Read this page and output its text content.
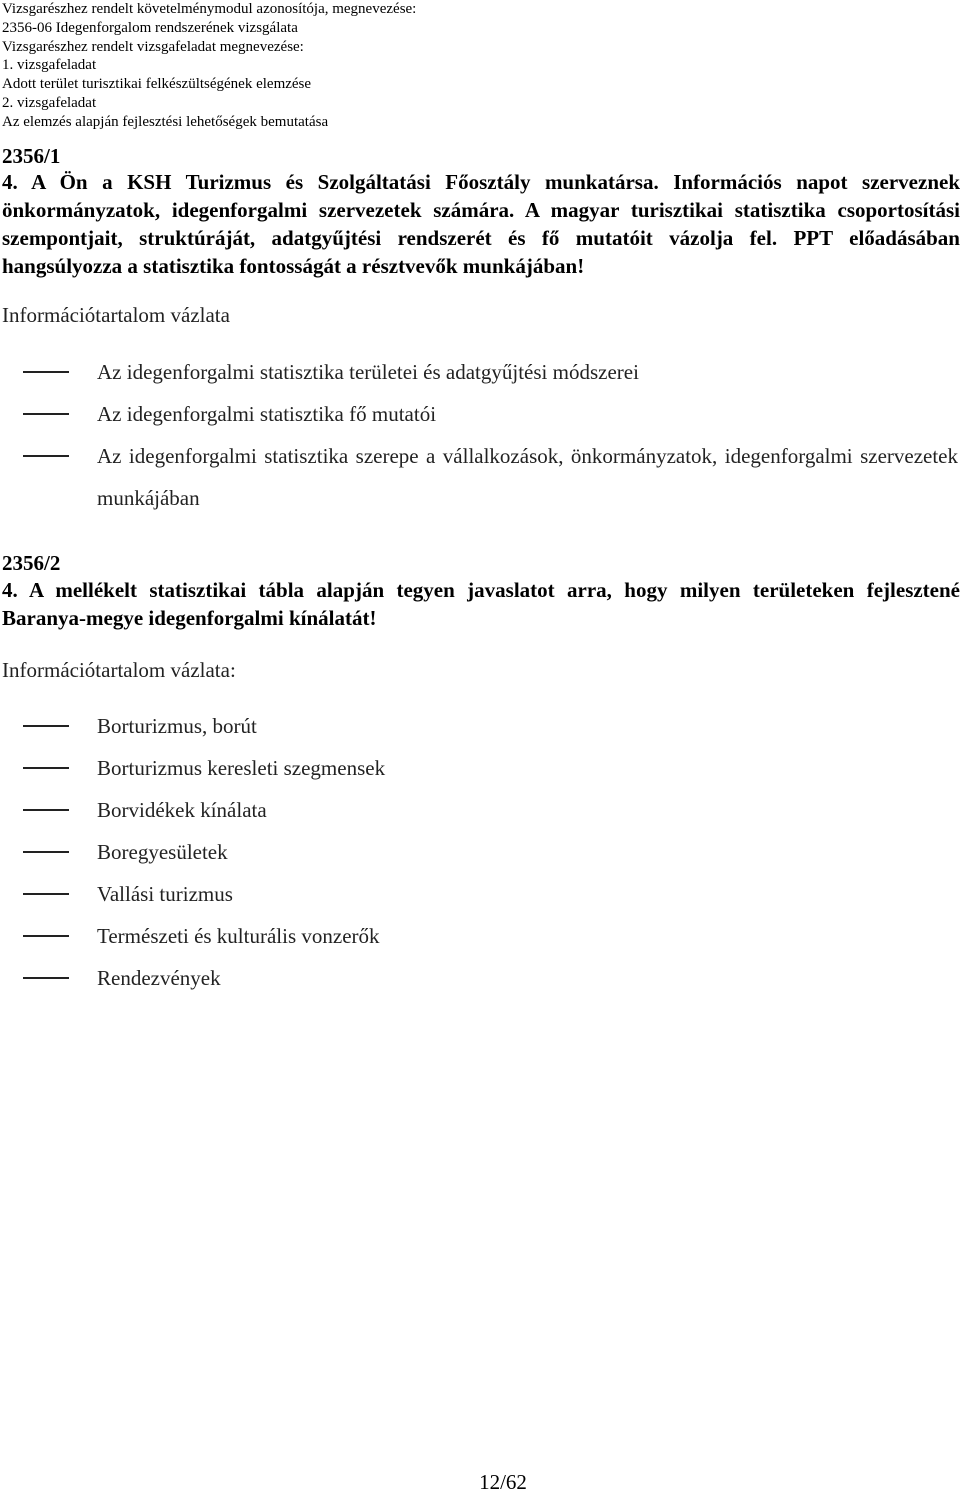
Vizsgarészhez rendelt követelménymodul azonosítója, megnevezése:
2356-06 Idegenforgalom rendszerének vizsgálata
Vizsgarészhez rendelt vizsgafeladat megnevezése:
1. vizsgafeladat
Adott terület turisztikai felkészültségének elemzése
2. vizsgafeladat
Az elemzés alapján fejlesztési lehetőségek bemutatása
2356/1
4. A Ön a KSH Turizmus és Szolgáltatási Főosztály munkatársa. Információs napot szerveznek önkormányzatok, idegenforgalmi szervezetek számára. A magyar turisztikai statisztika csoportosítási szempontjait, struktúráját, adatgyűjtési rendszerét és fő mutatóit vázolja fel. PPT előadásában hangsúlyozza a statisztika fontosságát a résztvevők munkájában!
Információtartalom vázlata
Az idegenforgalmi statisztika területei és adatgyűjtési módszerei
Az idegenforgalmi statisztika fő mutatói
Az idegenforgalmi statisztika szerepe a vállalkozások, önkormányzatok, idegenforgalmi szervezetek munkájában
2356/2
4. A mellékelt statisztikai tábla alapján tegyen javaslatot arra, hogy milyen területeken fejlesztené Baranya-megye idegenforgalmi kínálatát!
Információtartalom vázlata:
Borturizmus, borút
Borturizmus keresleti szegmensek
Borvidékek kínálata
Boregyesületek
Vallási turizmus
Természeti és kulturális vonzerők
Rendezvények
12/62
